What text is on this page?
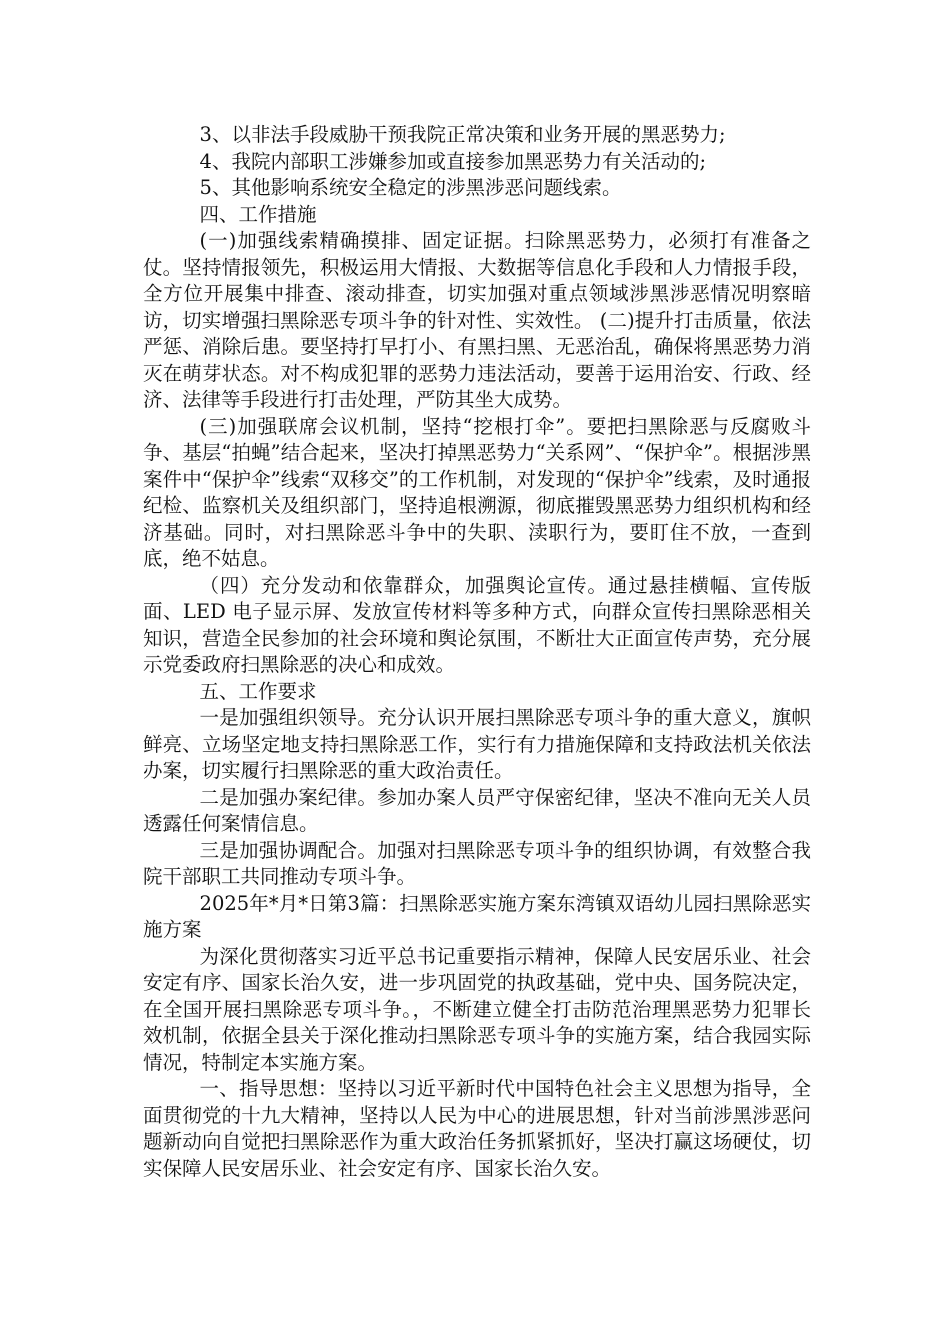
3、以非法手段威胁干预我院正常决策和业务开展的黑恶势力;

4、我院内部职工涉嫌参加或直接参加黑恶势力有关活动的;

5、其他影响系统安全稳定的涉黑涉恶问题线索。

四、工作措施

(一)加强线索精确摸排、固定证据。扫除黑恶势力，必须打有准备之仗。坚持情报领先，积极运用大情报、大数据等信息化手段和人力情报手段，全方位开展集中排查、滚动排查，切实加强对重点领域涉黑涉恶情况明察暗访，切实增强扫黑除恶专项斗争的针对性、实效性。 (二)提升打击质量，依法严惩、消除后患。要坚持打早打小、有黑扫黑、无恶治乱，确保将黑恶势力消灭在萌芽状态。对不构成犯罪的恶势力违法活动，要善于运用治安、行政、经济、法律等手段进行打击处理，严防其坐大成势。

(三)加强联席会议机制，坚持“挖根打伞”。要把扫黑除恶与反腐败斗争、基层“拍蝇”结合起来，坚决打掉黑恶势力“关系网”、“保护伞”。根据涉黑案件中“保护伞”线索“双移交”的工作机制，对发现的“保护伞”线索，及时通报纪检、监察机关及组织部门，坚持追根溯源，彻底摧毁黑恶势力组织机构和经济基础。同时，对扫黑除恶斗争中的失职、渎职行为，要盯住不放，一查到底，绝不姑息。

（四）充分发动和依靠群众，加强舆论宣传。通过悬挂横幅、宣传版面、LED 电子显示屏、发放宣传材料等多种方式，向群众宣传扫黑除恶相关知识，营造全民参加的社会环境和舆论氛围，不断壮大正面宣传声势，充分展示党委政府扫黑除恶的决心和成效。

五、工作要求

一是加强组织领导。充分认识开展扫黑除恶专项斗争的重大意义，旗帜鲜亮、立场坚定地支持扫黑除恶工作，实行有力措施保障和支持政法机关依法办案，切实履行扫黑除恶的重大政治责任。

二是加强办案纪律。参加办案人员严守保密纪律，坚决不准向无关人员透露任何案情信息。

三是加强协调配合。加强对扫黑除恶专项斗争的组织协调，有效整合我院干部职工共同推动专项斗争。

2025年*月*日第3篇：扫黑除恶实施方案东湾镇双语幼儿园扫黑除恶实施方案

为深化贯彻落实习近平总书记重要指示精神，保障人民安居乐业、社会安定有序、国家长治久安，进一步巩固党的执政基础，党中央、国务院决定，在全国开展扫黑除恶专项斗争。，不断建立健全打击防范治理黑恶势力犯罪长效机制，依据全县关于深化推动扫黑除恶专项斗争的实施方案，结合我园实际情况，特制定本实施方案。

一、指导思想：坚持以习近平新时代中国特色社会主义思想为指导，全面贯彻党的十九大精神，坚持以人民为中心的进展思想，针对当前涉黑涉恶问题新动向自觉把扫黑除恶作为重大政治任务抓紧抓好，坚决打赢这场硬仗，切实保障人民安居乐业、社会安定有序、国家长治久安。
